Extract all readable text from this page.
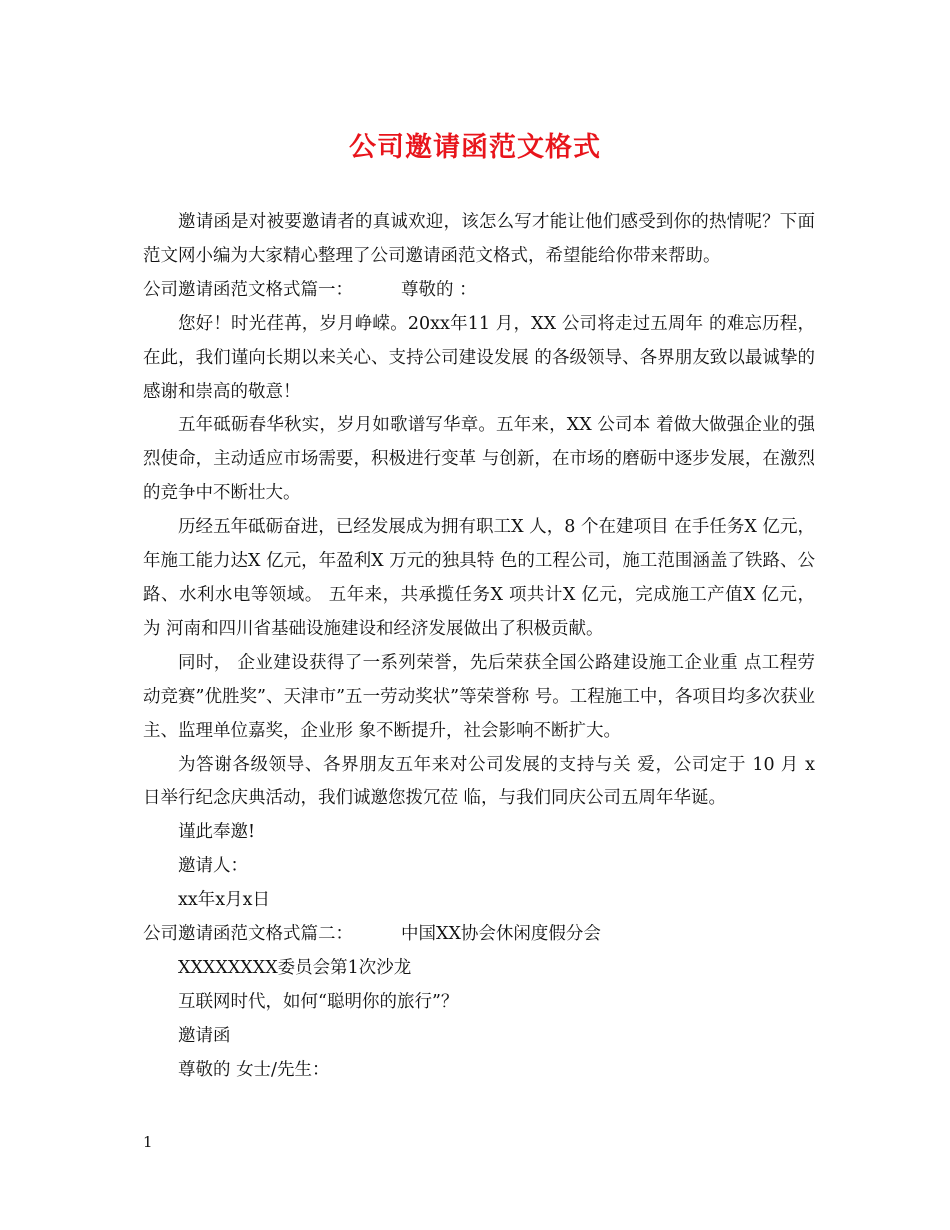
公司邀请函范文格式

邀请函是对被要邀请者的真诚欢迎，该怎么写才能让他们感受到你的热情呢？下面范文网小编为大家精心整理了公司邀请函范文格式，希望能给你带来帮助。

公司邀请函范文格式篇一：	尊敬的 ：

您好！时光荏苒，岁月峥嵘。20xx年11 月，XX 公司将走过五周年 的难忘历程，在此，我们谨向长期以来关心、支持公司建设发展 的各级领导、各界朋友致以最诚挚的感谢和崇高的敬意！

五年砥砺春华秋实，岁月如歌谱写华章。五年来，XX 公司本 着做大做强企业的强烈使命，主动适应市场需要，积极进行变革 与创新，在市场的磨砺中逐步发展，在激烈的竞争中不断壮大。

历经五年砥砺奋进，已经发展成为拥有职工X 人，8 个在建项目 在手任务X 亿元，年施工能力达X 亿元，年盈利X 万元的独具特 色的工程公司，施工范围涵盖了铁路、公路、水利水电等领域。 五年来，共承揽任务X 项共计X 亿元，完成施工产值X 亿元，为 河南和四川省基础设施建设和经济发展做出了积极贡献。

同时， 企业建设获得了一系列荣誉，先后荣获全国公路建设施工企业重 点工程劳动竞赛”优胜奖”、天津市”五一劳动奖状”等荣誉称 号。工程施工中，各项目均多次获业主、监理单位嘉奖，企业形 象不断提升，社会影响不断扩大。

为答谢各级领导、各界朋友五年来对公司发展的支持与关 爱，公司定于 10 月 x 日举行纪念庆典活动，我们诚邀您拨冗莅 临，与我们同庆公司五周年华诞。

谨此奉邀!

邀请人：

xx年x月x日

公司邀请函范文格式篇二：	中国XX协会休闲度假分会

XXXXXXXX委员会第1次沙龙

互联网时代，如何“聪明你的旅行”？

邀请函

尊敬的 女士/先生：

1
